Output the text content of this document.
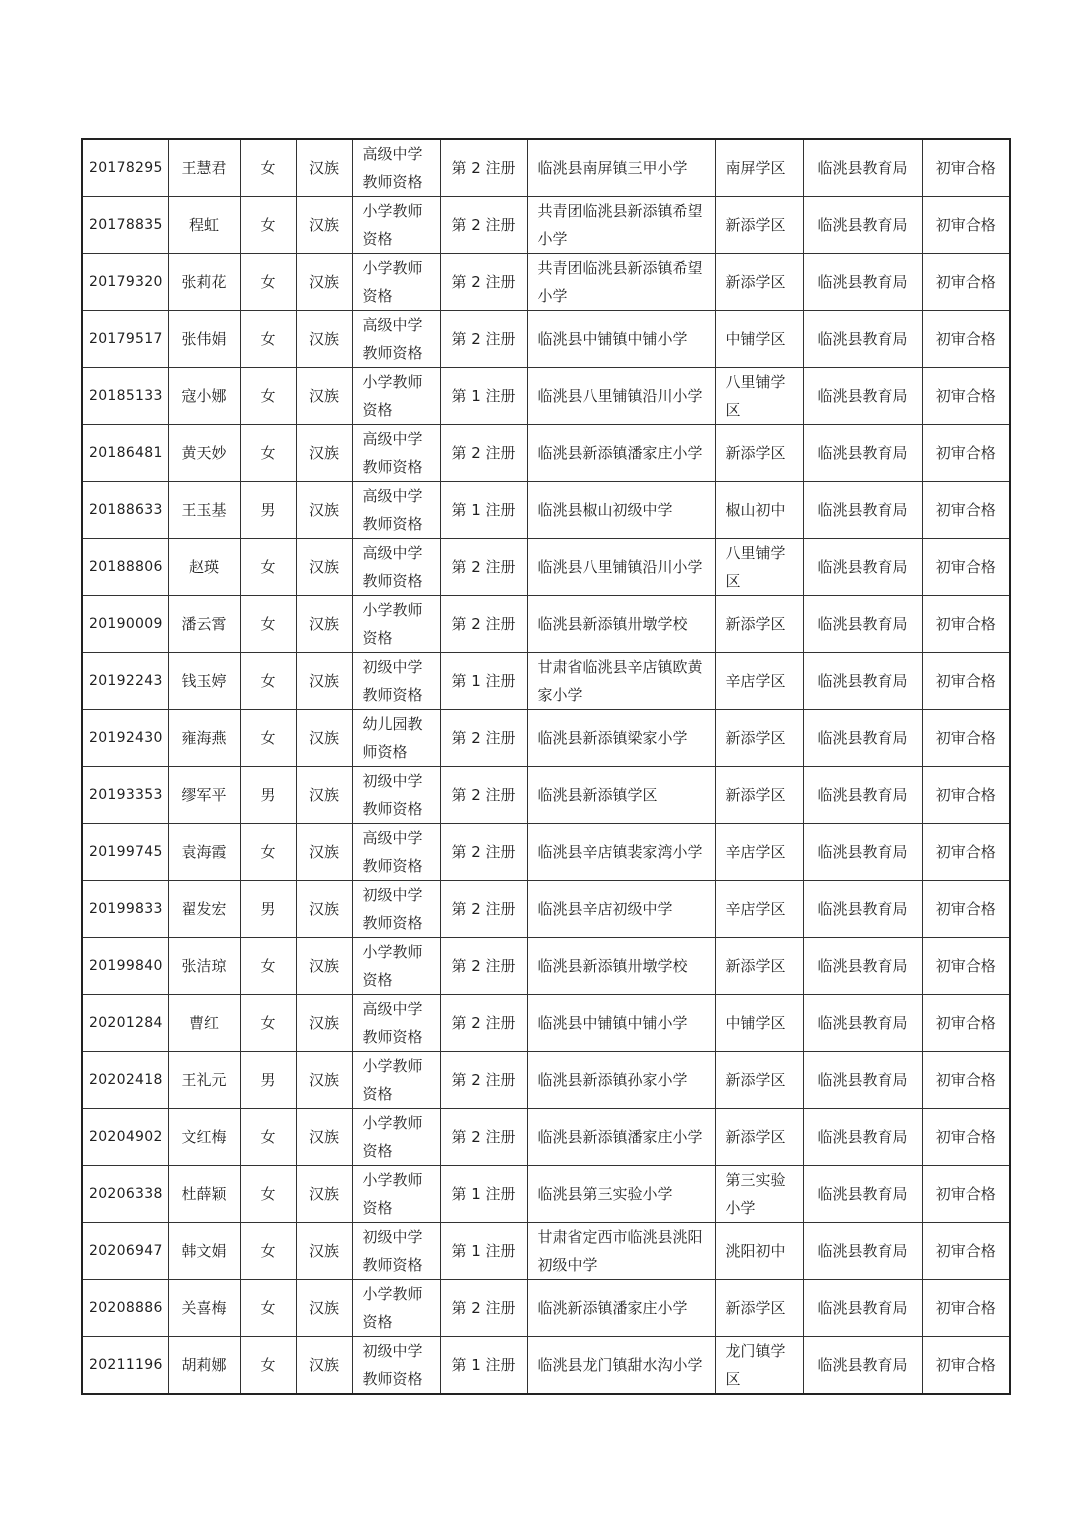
20178295	王慧君	女	汉族	高级中学教师资格	第 2 注册	临洮县南屏镇三甲小学	南屏学区	临洮县教育局	初审合格
20178835	程虹	女	汉族	小学教师资格	第 2 注册	共青团临洮县新添镇希望小学	新添学区	临洮县教育局	初审合格
20179320	张莉花	女	汉族	小学教师资格	第 2 注册	共青团临洮县新添镇希望小学	新添学区	临洮县教育局	初审合格
20179517	张伟娟	女	汉族	高级中学教师资格	第 2 注册	临洮县中铺镇中铺小学	中铺学区	临洮县教育局	初审合格
20185133	寇小娜	女	汉族	小学教师资格	第 1 注册	临洮县八里铺镇沿川小学	八里铺学区	临洮县教育局	初审合格
20186481	黄天妙	女	汉族	高级中学教师资格	第 2 注册	临洮县新添镇潘家庄小学	新添学区	临洮县教育局	初审合格
20188633	王玉基	男	汉族	高级中学教师资格	第 1 注册	临洮县椒山初级中学	椒山初中	临洮县教育局	初审合格
20188806	赵瑛	女	汉族	高级中学教师资格	第 2 注册	临洮县八里铺镇沿川小学	八里铺学区	临洮县教育局	初审合格
20190009	潘云霄	女	汉族	小学教师资格	第 2 注册	临洮县新添镇卅墩学校	新添学区	临洮县教育局	初审合格
20192243	钱玉婷	女	汉族	初级中学教师资格	第 1 注册	甘肃省临洮县辛店镇欧黄家小学	辛店学区	临洮县教育局	初审合格
20192430	雍海燕	女	汉族	幼儿园教师资格	第 2 注册	临洮县新添镇梁家小学	新添学区	临洮县教育局	初审合格
20193353	缪军平	男	汉族	初级中学教师资格	第 2 注册	临洮县新添镇学区	新添学区	临洮县教育局	初审合格
20199745	袁海霞	女	汉族	高级中学教师资格	第 2 注册	临洮县辛店镇裴家湾小学	辛店学区	临洮县教育局	初审合格
20199833	翟发宏	男	汉族	初级中学教师资格	第 2 注册	临洮县辛店初级中学	辛店学区	临洮县教育局	初审合格
20199840	张洁琼	女	汉族	小学教师资格	第 2 注册	临洮县新添镇卅墩学校	新添学区	临洮县教育局	初审合格
20201284	曹红	女	汉族	高级中学教师资格	第 2 注册	临洮县中铺镇中铺小学	中铺学区	临洮县教育局	初审合格
20202418	王礼元	男	汉族	小学教师资格	第 2 注册	临洮县新添镇孙家小学	新添学区	临洮县教育局	初审合格
20204902	文红梅	女	汉族	小学教师资格	第 2 注册	临洮县新添镇潘家庄小学	新添学区	临洮县教育局	初审合格
20206338	杜薛颖	女	汉族	小学教师资格	第 1 注册	临洮县第三实验小学	第三实验小学	临洮县教育局	初审合格
20206947	韩文娟	女	汉族	初级中学教师资格	第 1 注册	甘肃省定西市临洮县洮阳初级中学	洮阳初中	临洮县教育局	初审合格
20208886	关喜梅	女	汉族	小学教师资格	第 2 注册	临洮新添镇潘家庄小学	新添学区	临洮县教育局	初审合格
20211196	胡莉娜	女	汉族	初级中学教师资格	第 1 注册	临洮县龙门镇甜水沟小学	龙门镇学区	临洮县教育局	初审合格
